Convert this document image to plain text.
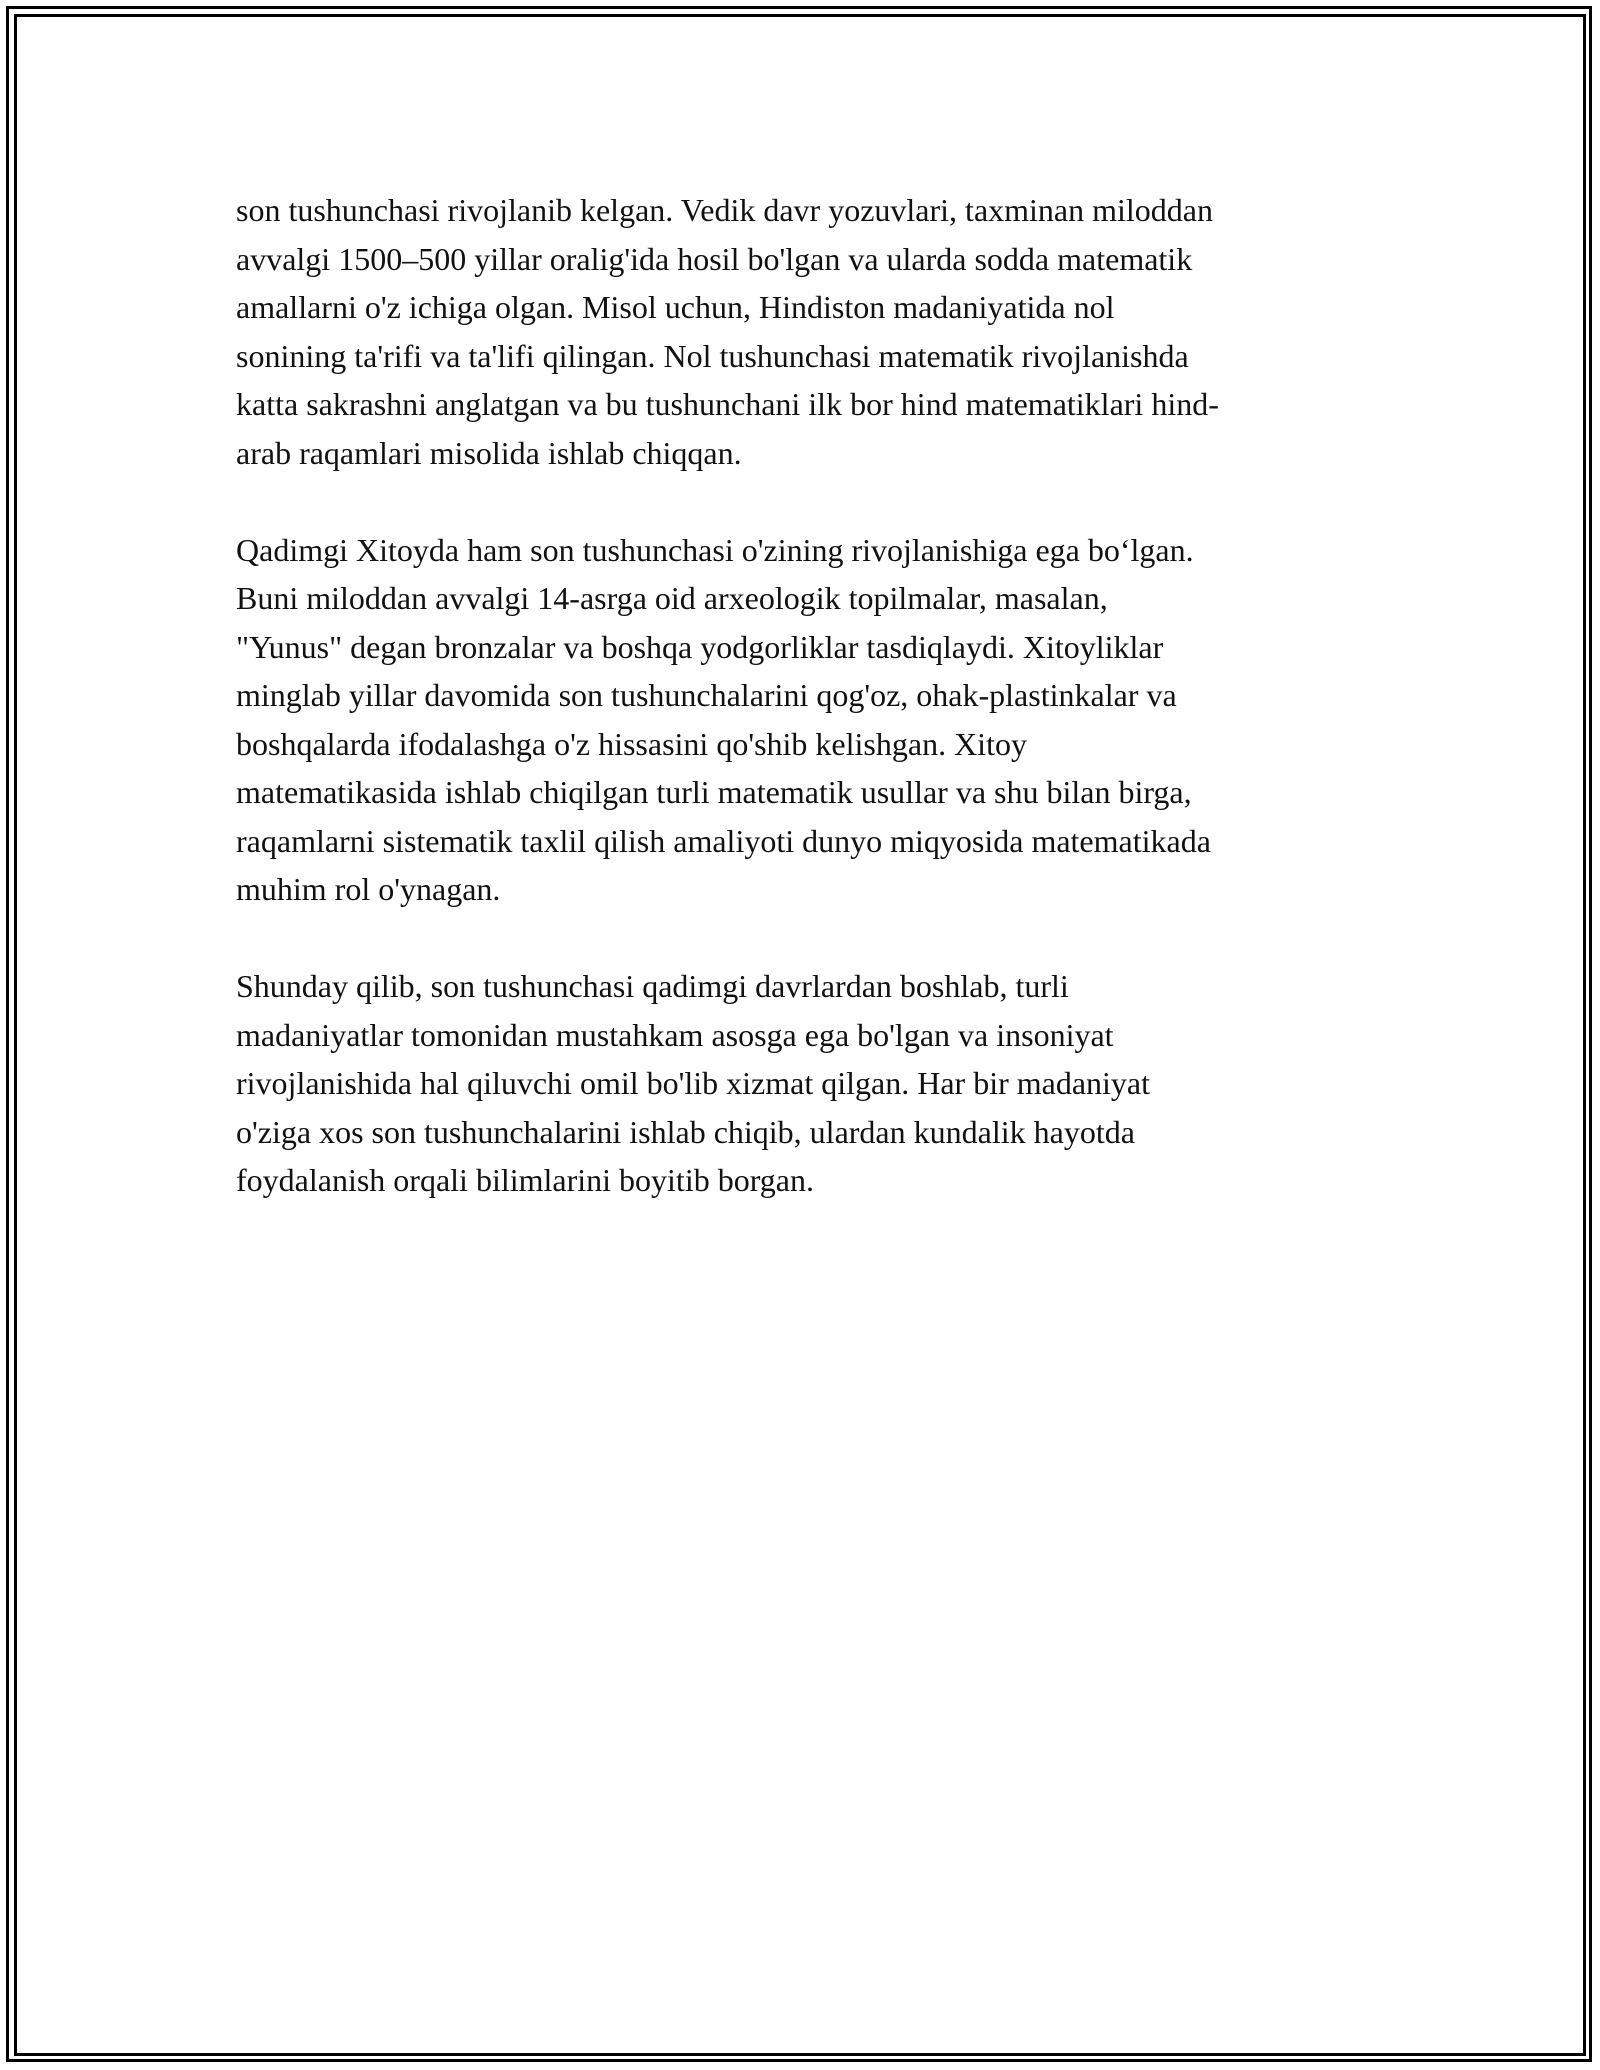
son tushunchasi rivojlanib kelgan. Vedik davr yozuvlari, taxminan miloddan
avvalgi 1500–500 yillar oralig'ida hosil bo'lgan va ularda sodda matematik
amallarni o'z ichiga olgan. Misol uchun, Hindiston madaniyatida nol
sonining ta'rifi va ta'lifi qilingan. Nol tushunchasi matematik rivojlanishda
katta sakrashni anglatgan va bu tushunchani ilk bor hind matematiklari hind-
arab raqamlari misolida ishlab chiqqan.

Qadimgi Xitoyda ham son tushunchasi o'zining rivojlanishiga ega bo‘lgan.
Buni miloddan avvalgi 14-asrga oid arxeologik topilmalar, masalan,
"Yunus" degan bronzalar va boshqa yodgorliklar tasdiqlaydi. Xitoyliklar
minglab yillar davomida son tushunchalarini qog'oz, ohak-plastinkalar va
boshqalarda ifodalashga o'z hissasini qo'shib kelishgan. Xitoy
matematikasida ishlab chiqilgan turli matematik usullar va shu bilan birga,
raqamlarni sistematik taxlil qilish amaliyoti dunyo miqyosida matematikada
muhim rol o'ynagan.

Shunday qilib, son tushunchasi qadimgi davrlardan boshlab, turli
madaniyatlar tomonidan mustahkam asosga ega bo'lgan va insoniyat
rivojlanishida hal qiluvchi omil bo'lib xizmat qilgan. Har bir madaniyat
o'ziga xos son tushunchalarini ishlab chiqib, ulardan kundalik hayotda
foydalanish orqali bilimlarini boyitib borgan.
